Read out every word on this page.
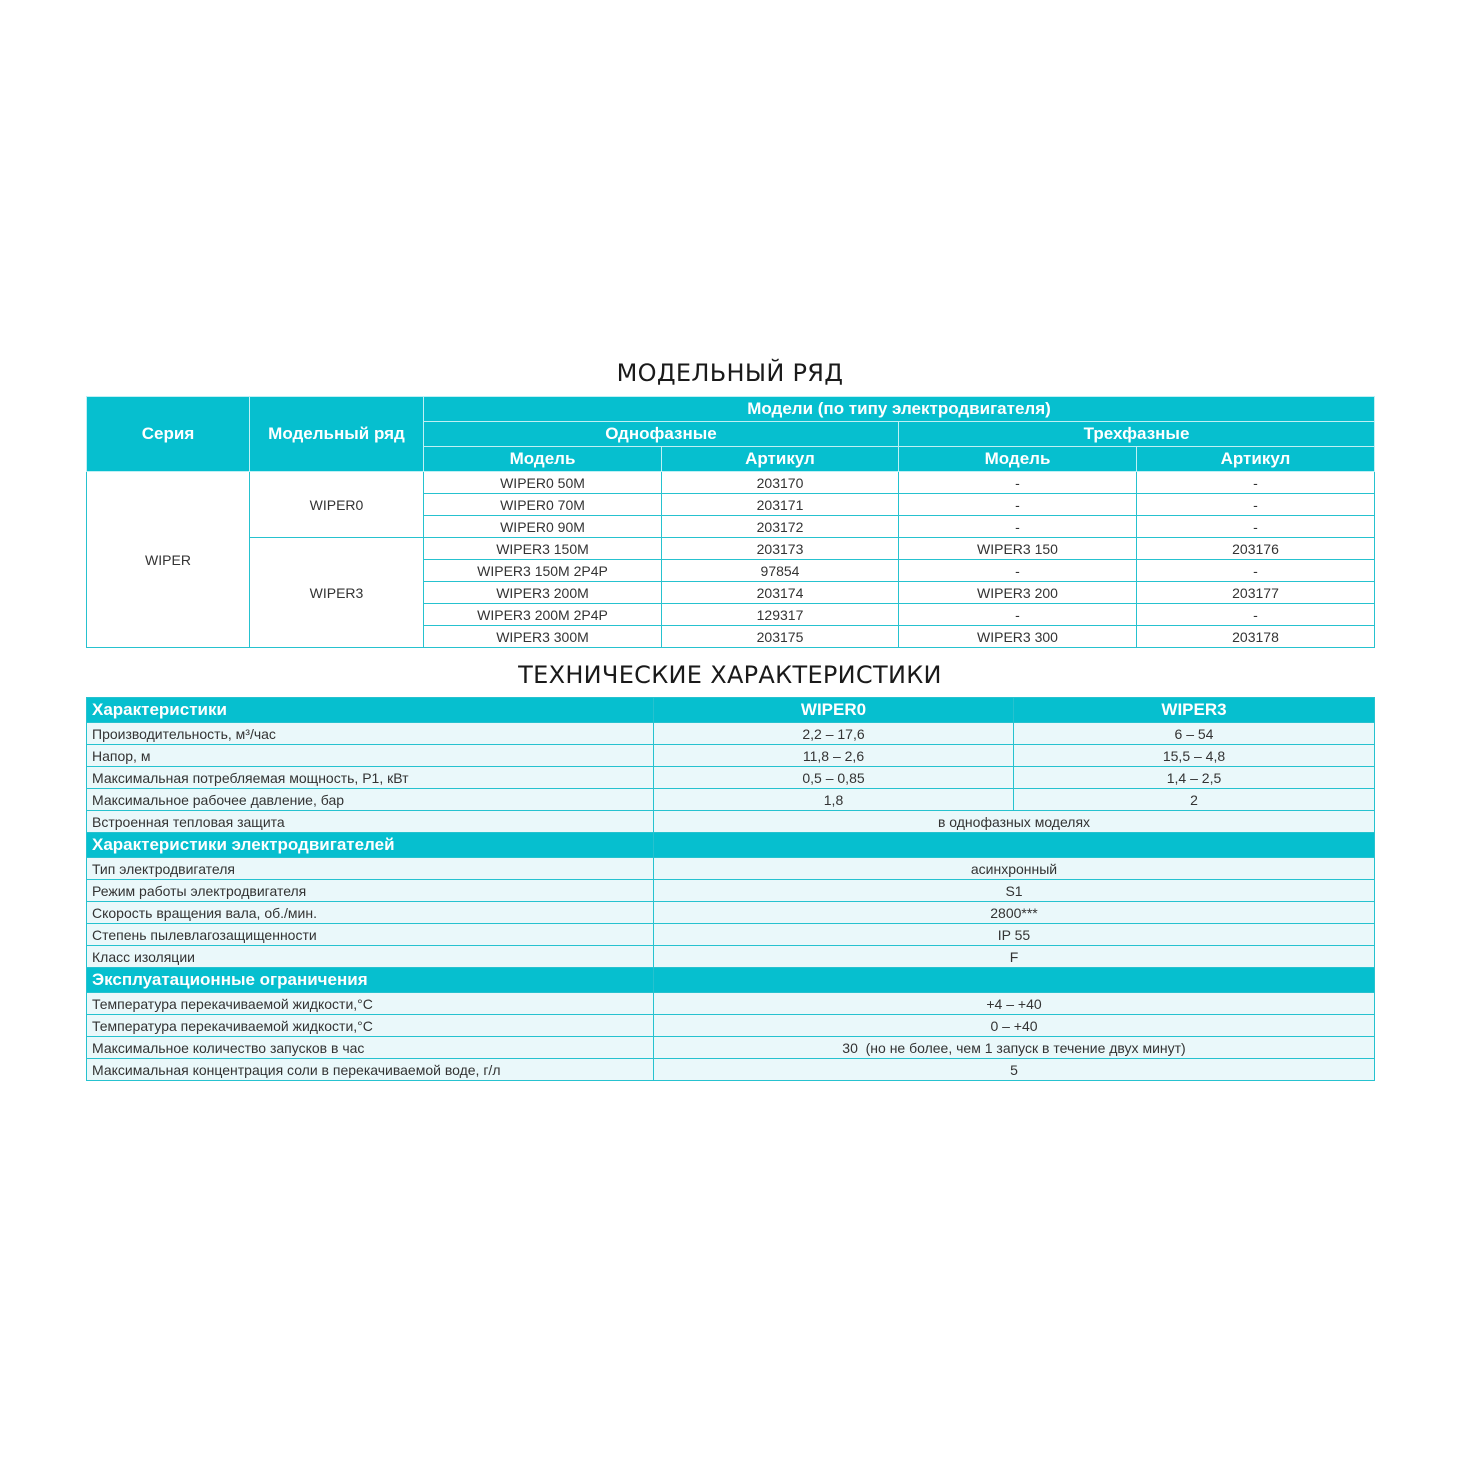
МОДЕЛЬНЫЙ РЯД
Серия	Модельный ряд	Модели (по типу электродвигателя)			
		Однофазные		Трехфазные	
		Модель	Артикул	Модель	Артикул
WIPER	WIPER0	WIPER0 50M	203170	-	-
		WIPER0 70M	203171	-	-
		WIPER0 90M	203172	-	-
	WIPER3	WIPER3 150M	203173	WIPER3 150	203176
		WIPER3 150M 2P4P	97854	-	-
		WIPER3 200M	203174	WIPER3 200	203177
		WIPER3 200M 2P4P	129317	-	-
		WIPER3 300M	203175	WIPER3 300	203178
ТЕХНИЧЕСКИЕ ХАРАКТЕРИСТИКИ
Характеристики	WIPER0	WIPER3
Производительность, м³/час	2,2 – 17,6	6 – 54
Напор, м	11,8 – 2,6	15,5 – 4,8
Максимальная потребляемая мощность, P1, кВт	0,5 – 0,85	1,4 – 2,5
Максимальное рабочее давление, бар	1,8	2
Встроенная тепловая защита	в однофазных моделях	
Характеристики электродвигателей		
Тип электродвигателя	асинхронный	
Режим работы электродвигателя	S1	
Скорость вращения вала, об./мин.	2800***	
Степень пылевлагозащищенности	IP 55	
Класс изоляции	F	
Эксплуатационные ограничения		
Температура перекачиваемой жидкости,°C	+4 – +40	
Температура перекачиваемой жидкости,°C	0 – +40	
Максимальное количество запусков в час	30  (но не более, чем 1 запуск в течение двух минут)	
Максимальная концентрация соли в перекачиваемой воде, г/л	5	
